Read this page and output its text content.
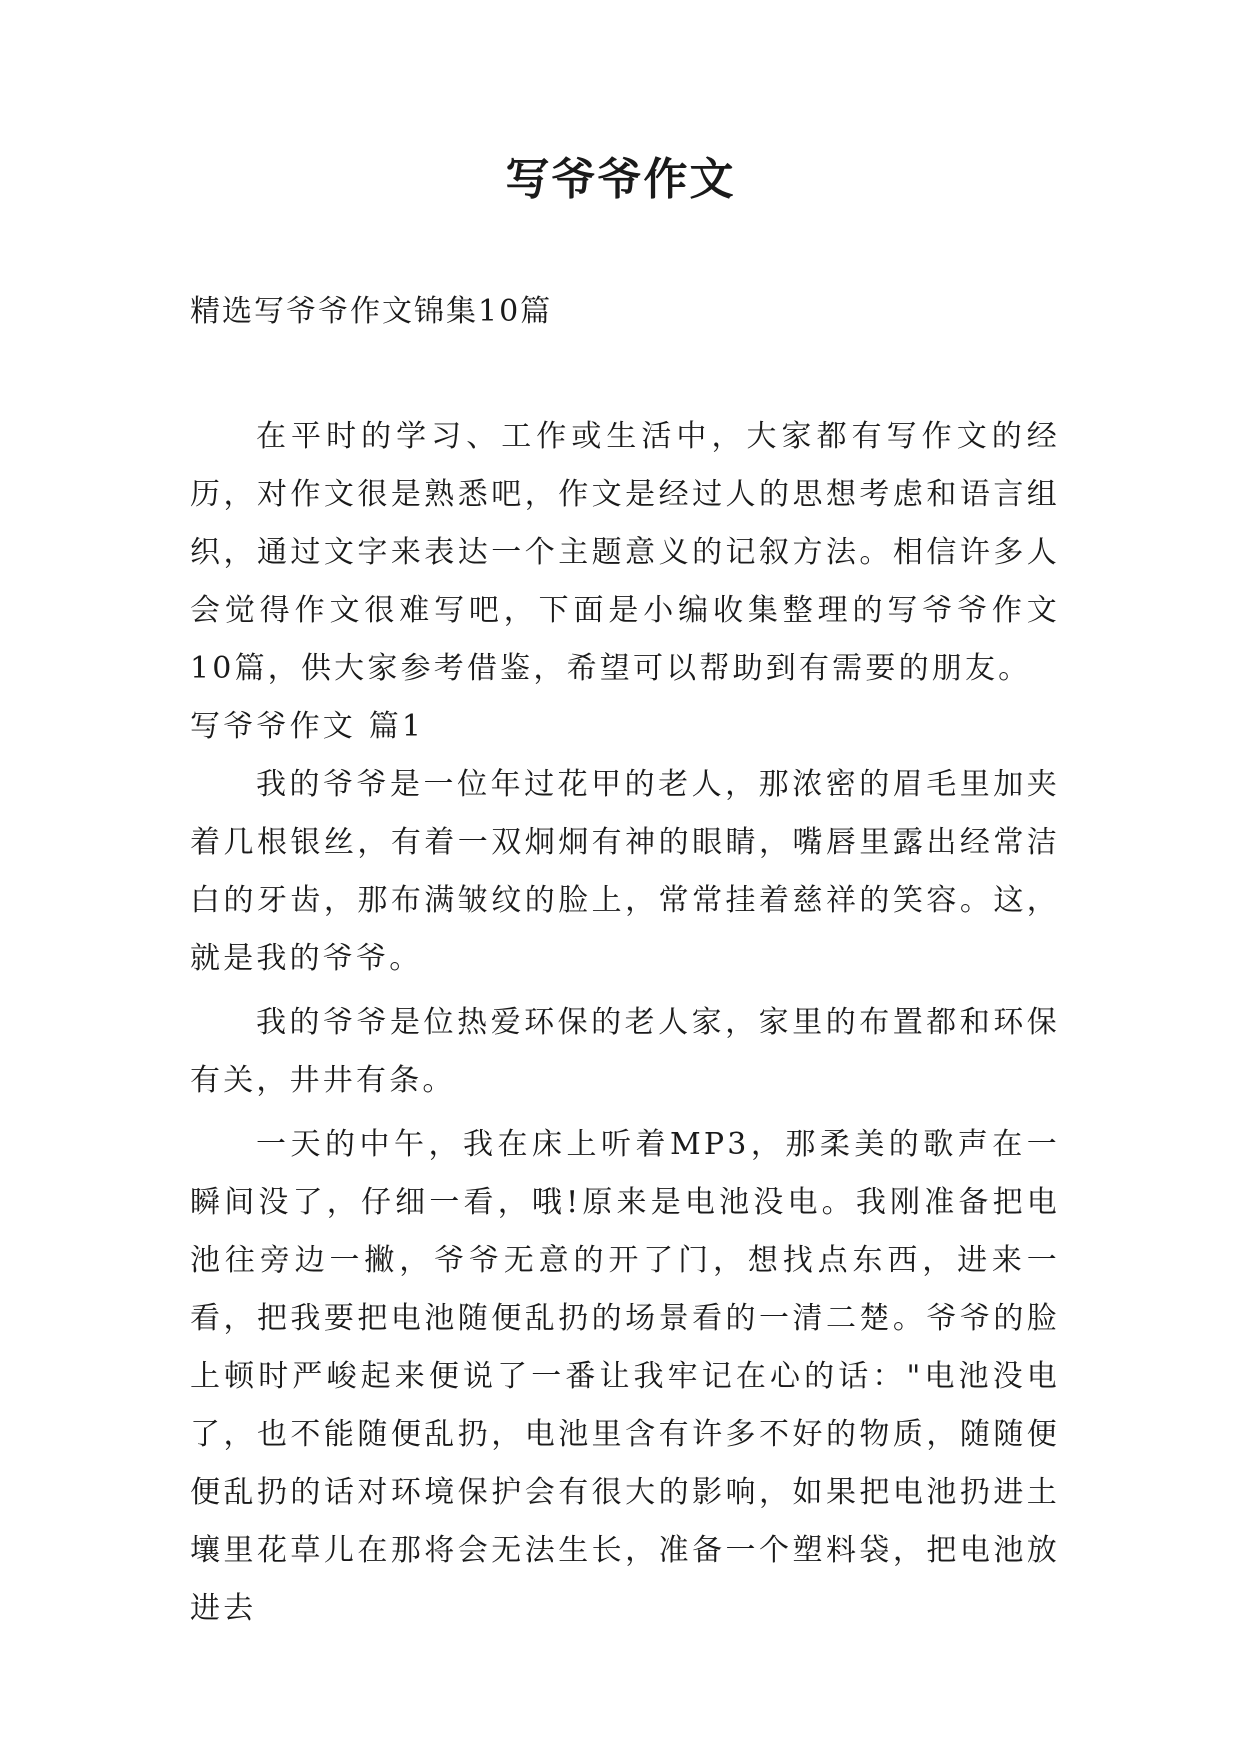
写爷爷作文

精选写爷爷作文锦集10篇

在平时的学习、工作或生活中，大家都有写作文的经历，对作文很是熟悉吧，作文是经过人的思想考虑和语言组织，通过文字来表达一个主题意义的记叙方法。相信许多人会觉得作文很难写吧，下面是小编收集整理的写爷爷作文10篇，供大家参考借鉴，希望可以帮助到有需要的朋友。

写爷爷作文 篇1

我的爷爷是一位年过花甲的老人，那浓密的眉毛里加夹着几根银丝，有着一双炯炯有神的眼睛，嘴唇里露出经常洁白的牙齿，那布满皱纹的脸上，常常挂着慈祥的笑容。这，就是我的爷爷。

我的爷爷是位热爱环保的老人家，家里的布置都和环保有关，井井有条。

一天的中午，我在床上听着MP3，那柔美的歌声在一瞬间没了，仔细一看，哦!原来是电池没电。我刚准备把电池往旁边一撇，爷爷无意的开了门，想找点东西，进来一看，把我要把电池随便乱扔的场景看的一清二楚。爷爷的脸上顿时严峻起来便说了一番让我牢记在心的话："电池没电了，也不能随便乱扔，电池里含有许多不好的物质，随随便便乱扔的话对环境保护会有很大的影响，如果把电池扔进土壤里花草儿在那将会无法生长，准备一个塑料袋，把电池放进去
